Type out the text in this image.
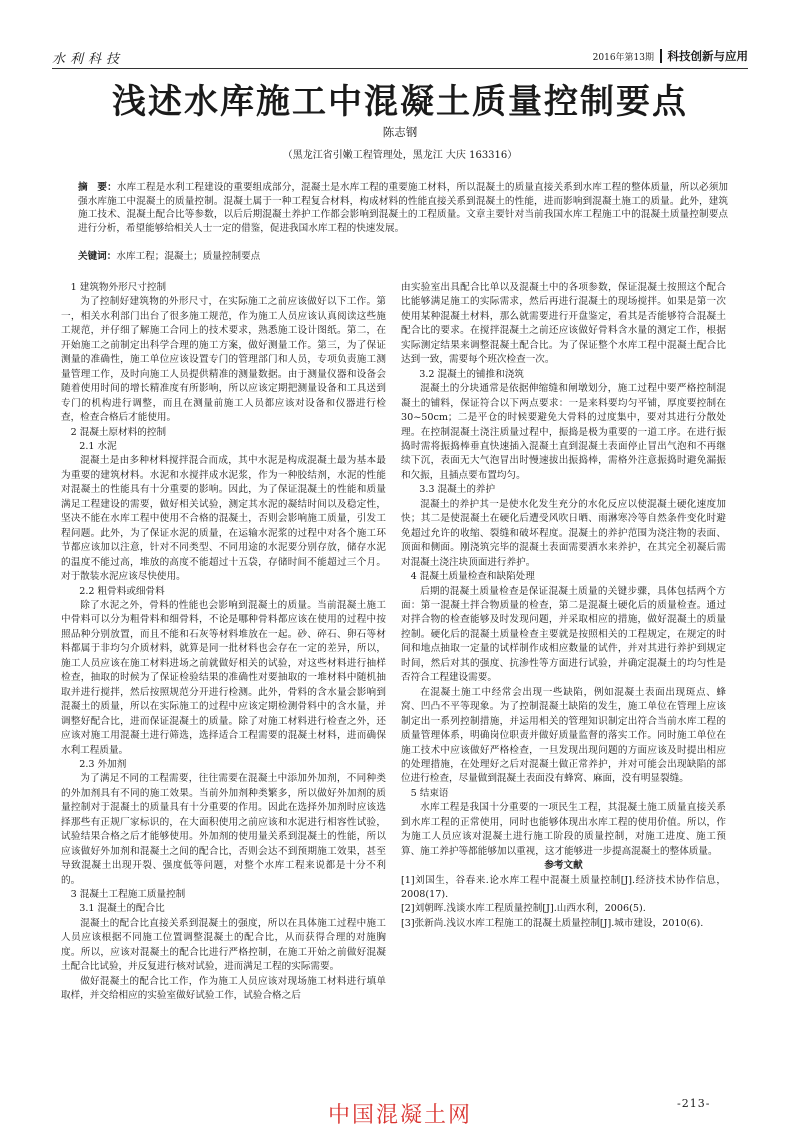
水利科技	2016年第13期 科技创新与应用
浅述水库施工中混凝土质量控制要点
陈志钢
（黑龙江省引嫩工程管理处，黑龙江 大庆 163316）
摘　要：水库工程是水利工程建设的重要组成部分，混凝土是水库工程的重要施工材料，所以混凝土的质量直接关系到水库工程的整体质量，所以必须加强水库施工中混凝土的质量控制。混凝土属于一种工程复合材料，构成材料的性能直接关系到混凝土的性能，进而影响到混凝土施工的质量。此外，建筑施工技术、混凝土配合比等参数，以后后期混凝土养护工作都会影响到混凝土的工程质量。文章主要针对当前我国水库工程施工中的混凝土质量控制要点进行分析，希望能够给相关人士一定的借鉴，促进我国水库工程的快速发展。
关键词：水库工程；混凝土；质量控制要点
1 建筑物外形尺寸控制

为了控制好建筑物的外形尺寸，在实际施工之前应该做好以下工作。第一，相关水利部门出台了很多施工规范，作为施工人员应该认真阅读这些施工规范，并仔细了解施工合同上的技术要求，熟悉施工设计图纸。第二，在开始施工之前制定出科学合理的施工方案，做好测量工作。第三，为了保证测量的准确性，施工单位应该设置专门的管理部门和人员，专项负责施工测量管理工作，及时向施工人员提供精准的测量数据。由于测量仪器和设备会随着使用时间的增长精准度有所影响，所以应该定期把测量设备和工具送到专门的机构进行调整，而且在测量前施工人员都应该对设备和仪器进行检查，检查合格后才能使用。

2 混凝土原材料的控制
2.1 水泥

混凝土是由多种材料搅拌混合而成，其中水泥是构成混凝土最为基本最为重要的建筑材料。水泥和水搅拌成水泥浆，作为一种胶结剂，水泥的性能对混凝土的性能具有十分重要的影响。因此，为了保证混凝土的性能和质量满足工程建设的需要，做好相关试验，测定其水泥的凝结时间以及稳定性，坚决不能在水库工程中使用不合格的混凝土，否则会影响施工质量，引发工程问题。此外，为了保证水泥的质量，在运输水泥浆的过程中对各个施工环节都应该加以注意，针对不同类型、不同用途的水泥要分别存放，储存水泥的温度不能过高，堆放的高度不能超过十五袋，存储时间不能超过三个月。对于散装水泥应该尽快使用。

2.2 粗骨料或细骨料

除了水泥之外，骨料的性能也会影响到混凝土的质量。当前混凝土施工中骨料可以分为粗骨料和细骨料，不论是哪种骨料都应该在使用的过程中按照品种分别放置，而且不能和石灰等材料堆放在一起。砂、碎石、卵石等材料都属于非均匀介质材料，就算是同一批材料也会存在一定的差异，所以，施工人员应该在施工材料进场之前就做好相关的试验，对这些材料进行抽样检查，抽取的时候为了保证检验结果的准确性对要抽取的一堆材料中随机抽取并进行搅拌，然后按照规范分开进行检测。此外，骨料的含水量会影响到混凝土的质量，所以在实际施工的过程中应该定期检测骨料中的含水量，并调整好配合比，进而保证混凝土的质量。除了对施工材料进行检查之外，还应该对施工用混凝土进行筛选，选择适合工程需要的混凝土材料，进而确保水利工程质量。

2.3 外加剂

为了满足不同的工程需要，往往需要在混凝土中添加外加剂，不同种类的外加剂具有不同的施工效果。当前外加剂种类繁多，所以做好外加剂的质量控制对于混凝土的质量具有十分重要的作用。因此在选择外加剂时应该选择那些有正规厂家标识的，在大面积使用之前应该和水泥进行相容性试验，试验结果合格之后才能够使用。外加剂的使用量关系到混凝土的性能，所以应该做好外加剂和混凝土之间的配合比，否则会达不到预期施工效果，甚至导致混凝土出现开裂、强度低等问题，对整个水库工程来说都是十分不利的。

3 混凝土工程施工质量控制
3.1 混凝土的配合比

混凝土的配合比直接关系到混凝土的强度，所以在具体施工过程中施工人员应该根据不同施工位置调整混凝土的配合比，从而获得合理的对施胸度。所以，应该对混凝土的配合比进行严格控制，在施工开始之前做好混凝土配合比试验，并反复进行核对试验，进而满足工程的实际需要。

做好混凝土的配合比工作，作为施工人员应该对现场施工材料进行填单取样，并交给相应的实验室做好试验工作，试验合格之后

由实验室出具配合比单以及混凝土中的各项参数，保证混凝土按照这个配合比能够满足施工的实际需求，然后再进行混凝土的现场搅拌。如果是第一次使用某种混凝土材料，那么就需要进行开盘鉴定，看其是否能够符合混凝土配合比的要求。在搅拌混凝土之前还应该做好骨料含水量的测定工作，根据实际测定结果来调整混凝土配合比。为了保证整个水库工程中混凝土配合比达到一致，需要每个班次检查一次。

3.2 混凝土的铺推和浇筑

混凝土的分块通常是依据伸缩缝和闸墩划分，施工过程中要严格控制混凝土的铺料，保证符合以下两点要求：一是来料要均匀平铺，厚度要控制在 30~50cm；二是平仓的时候要避免大骨料的过度集中，要对其进行分散处理。在控制混凝土浇注质量过程中，振捣是极为重要的一道工序。在进行振捣时需将振捣棒垂直快速插入混凝土直到混凝土表面停止冒出气泡和不再继续下沉，表面无大气泡冒出时慢速拔出振捣棒，需格外注意振捣时避免漏振和欠振，且插点要布置均匀。

3.3 混凝土的养护

混凝土的养护其一是使水化发生充分的水化反应以使混凝土硬化速度加快；其二是使混凝土在硬化后遭受风吹日晒、雨淋寒冷等自然条件变化时避免超过允许的收缩、裂缝和破坏程度。混凝土的养护范围为浇注物的表面、顶面和侧面。刚浇筑完毕的混凝土表面需要洒水来养护，在其完全初凝后需对混凝土浇注块顶面进行养护。

4 混凝土质量检查和缺陷处理

后期的混凝土质量检查是保证混凝土质量的关键步骤，具体包括两个方面：第一混凝土拌合物质量的检查，第二是混凝土硬化后的质量检查。通过对拌合物的检查能够及时发现问题，并采取相应的措施，做好混凝土的质量控制。硬化后的混凝土质量检查主要就是按照相关的工程规定，在规定的时间和地点抽取一定量的试样制作成相应数量的试件，并对其进行养护到规定时间，然后对其的强度、抗渗性等方面进行试验，并确定混凝土的均匀性是否符合工程建设需要。

在混凝土施工中经常会出现一些缺陷，例如混凝土表面出现斑点、蜂窝、凹凸不平等现象。为了控制混凝土缺陷的发生，施工单位在管理上应该制定出一系列控制措施，并运用相关的管理知识制定出符合当前水库工程的质量管理体系，明确岗位职责并做好质量监督的落实工作。同时施工单位在施工技术中应该做好严格检查，一旦发现出现问题的方面应该及时提出相应的处理措施，在处理好之后对混凝土做正常养护，并对可能会出现缺陷的部位进行检查，尽量做到混凝土表面没有蜂窝、麻面，没有明显裂缝。

5 结束语

水库工程是我国十分重要的一项民生工程，其混凝土施工质量直接关系到水库工程的正常使用，同时也能够体现出水库工程的使用价值。所以，作为施工人员应该对混凝土进行施工阶段的质量控制，对施工进度、施工预算、施工养护等都能够加以重视，这才能够进一步提高混凝土的整体质量。

参考文献

[1]刘国生，谷春来.论水库工程中混凝土质量控制[J].经济技术协作信息，2008(17).

[2]刘朝晖.浅谈水库工程质量控制[J].山西水利，2006(5).

[3]张新尚.浅议水库工程施工的混凝土质量控制[J].城市建设，2010(6).

-213-
中国混凝土网
